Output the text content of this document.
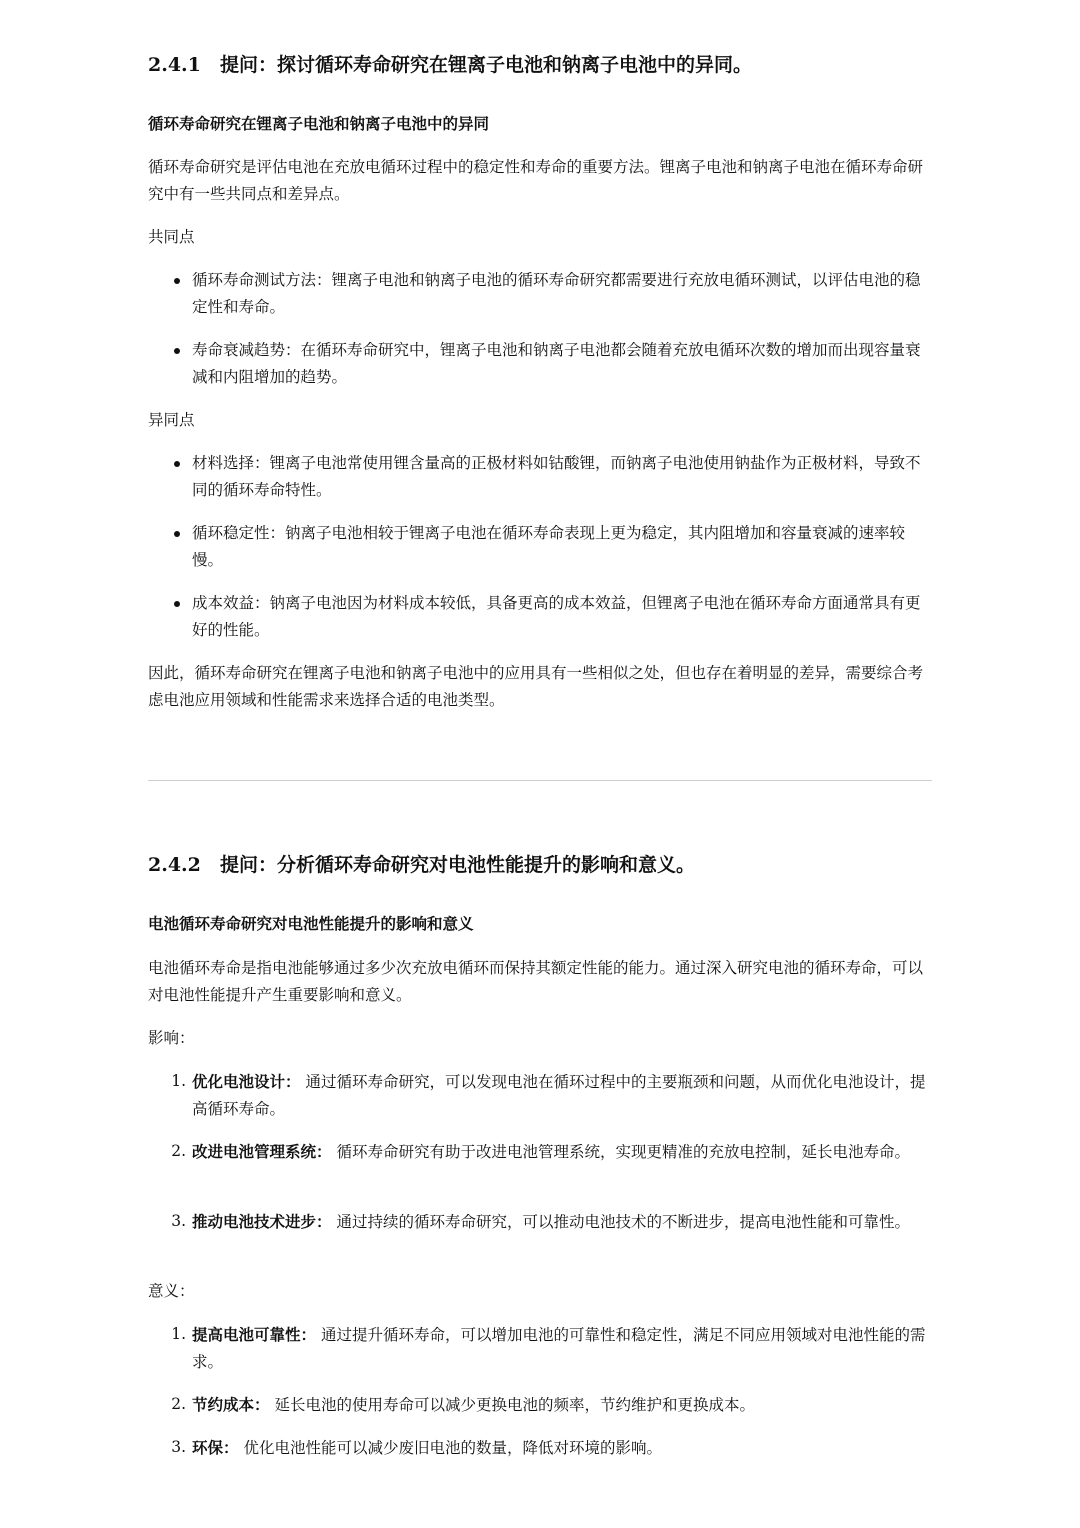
2.4.1 提问：探讨循环寿命研究在锂离子电池和钠离子电池中的异同。
循环寿命研究在锂离子电池和钠离子电池中的异同

循环寿命研究是评估电池在充放电循环过程中的稳定性和寿命的重要方法。锂离子电池和钠离子电池在循环寿命研究中有一些共同点和差异点。

共同点
循环寿命测试方法：锂离子电池和钠离子电池的循环寿命研究都需要进行充放电循环测试，以评估电池的稳定性和寿命。
寿命衰减趋势：在循环寿命研究中，锂离子电池和钠离子电池都会随着充放电循环次数的增加而出现容量衰减和内阻增加的趋势。
异同点
材料选择：锂离子电池常使用锂含量高的正极材料如钴酸锂，而钠离子电池使用钠盐作为正极材料，导致不同的循环寿命特性。
循环稳定性：钠离子电池相较于锂离子电池在循环寿命表现上更为稳定，其内阻增加和容量衰减的速率较慢。
成本效益：钠离子电池因为材料成本较低，具备更高的成本效益，但锂离子电池在循环寿命方面通常具有更好的性能。

因此，循环寿命研究在锂离子电池和钠离子电池中的应用具有一些相似之处，但也存在着明显的差异，需要综合考虑电池应用领域和性能需求来选择合适的电池类型。

2.4.2 提问：分析循环寿命研究对电池性能提升的影响和意义。
电池循环寿命研究对电池性能提升的影响和意义

电池循环寿命是指电池能够通过多少次充放电循环而保持其额定性能的能力。通过深入研究电池的循环寿命，可以对电池性能提升产生重要影响和意义。

影响：
1. 优化电池设计： 通过循环寿命研究，可以发现电池在循环过程中的主要瓶颈和问题，从而优化电池设计，提高循环寿命。
2. 改进电池管理系统： 循环寿命研究有助于改进电池管理系统，实现更精准的充放电控制，延长电池寿命。
3. 推动电池技术进步： 通过持续的循环寿命研究，可以推动电池技术的不断进步，提高电池性能和可靠性。
意义：
1. 提高电池可靠性： 通过提升循环寿命，可以增加电池的可靠性和稳定性，满足不同应用领域对电池性能的需求。
2. 节约成本： 延长电池的使用寿命可以减少更换电池的频率，节约维护和更换成本。
3. 环保： 优化电池性能可以减少废旧电池的数量，降低对环境的影响。
